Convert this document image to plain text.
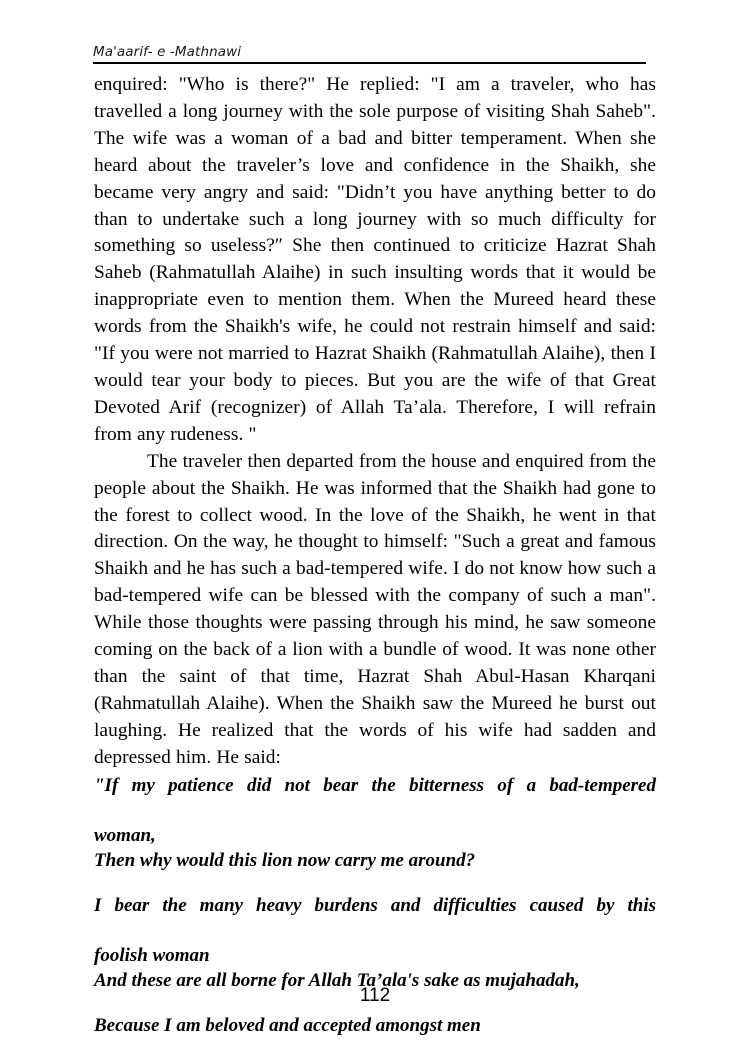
Ma'aarif- e -Mathnawi

enquired: "Who is there?" He replied: "I am a traveler, who has travelled a long journey with the sole purpose of visiting Shah Saheb". The wife was a woman of a bad and bitter temperament. When she heard about the traveler’s love and confidence in the Shaikh, she became very angry and said: "Didn’t you have anything better to do than to undertake such a long journey with so much difficulty for something so useless?″ She then continued to criticize Hazrat Shah Saheb (Rahmatullah Alaihe) in such insulting words that it would be inappropriate even to mention them. When the Mureed heard these words from the Shaikh's wife, he could not restrain himself and said: "If you were not married to Hazrat Shaikh (Rahmatullah Alaihe), then I would tear your body to pieces. But you are the wife of that Great Devoted Arif (recognizer) of Allah Ta’ala. Therefore, I will refrain from any rudeness. "

The traveler then departed from the house and enquired from the people about the Shaikh. He was informed that the Shaikh had gone to the forest to collect wood. In the love of the Shaikh, he went in that direction. On the way, he thought to himself: "Such a great and famous Shaikh and he has such a bad-tempered wife. I do not know how such a bad-tempered wife can be blessed with the company of such a man". While those thoughts were passing through his mind, he saw someone coming on the back of a lion with a bundle of wood. It was none other than the saint of that time, Hazrat Shah Abul-Hasan Kharqani (Rahmatullah Alaihe). When the Shaikh saw the Mureed he burst out laughing. He realized that the words of his wife had sadden and depressed him. He said:

"If my patience did not bear the bitterness of a bad-tempered
woman,
Then why would this lion now carry me around?
I bear the many heavy burdens and difficulties caused by this
foolish woman
And these are all borne for Allah Ta’ala's sake as mujahadah,
Because I am beloved and accepted amongst men
112
